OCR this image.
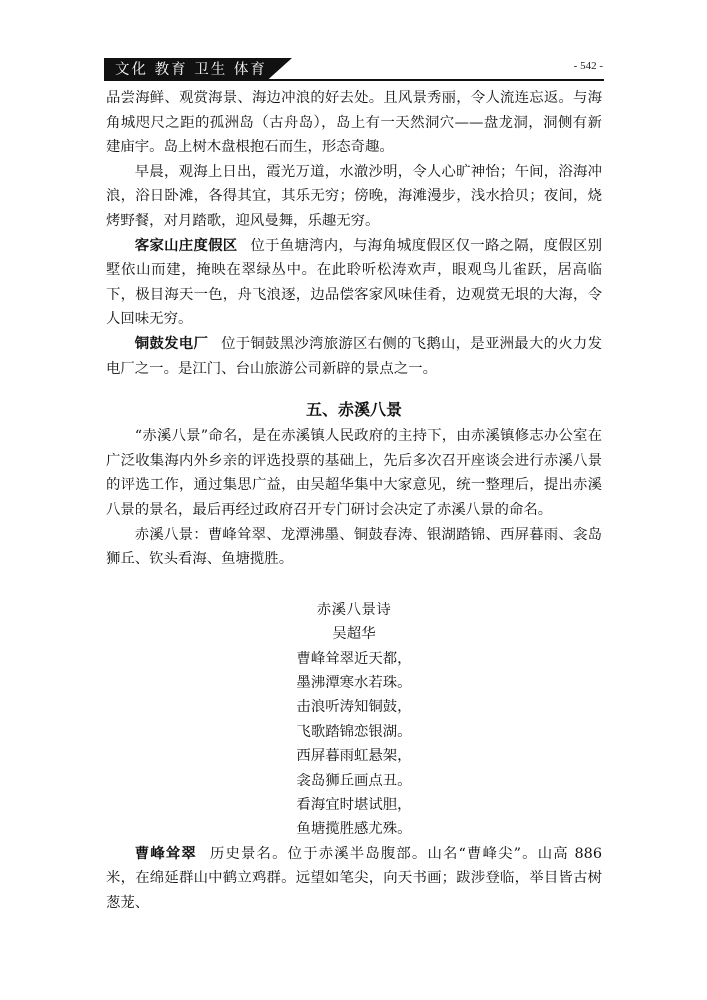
文化 教育 卫生 体育	- 542 -

品尝海鲜、观赏海景、海边冲浪的好去处。且风景秀丽，令人流连忘返。与海角城咫尺之距的孤洲岛（古舟岛），岛上有一天然洞穴——盘龙洞，洞侧有新建庙宇。岛上树木盘根抱石而生，形态奇趣。

早晨，观海上日出，霞光万道，水澈沙明，令人心旷神怡；午间，浴海冲浪，浴日卧滩，各得其宜，其乐无穷；傍晚，海滩漫步，浅水拾贝；夜间，烧烤野餐，对月踏歌，迎风曼舞，乐趣无穷。

客家山庄度假区 位于鱼塘湾内，与海角城度假区仅一路之隔，度假区别墅依山而建，掩映在翠绿丛中。在此聆听松涛欢声，眼观鸟儿雀跃，居高临下，极目海天一色，舟飞浪逐，边品偿客家风味佳肴，边观赏无垠的大海，令人回味无穷。

铜鼓发电厂 位于铜鼓黑沙湾旅游区右侧的飞鹅山，是亚洲最大的火力发电厂之一。是江门、台山旅游公司新辟的景点之一。

五、赤溪八景

“赤溪八景”命名，是在赤溪镇人民政府的主持下，由赤溪镇修志办公室在广泛收集海内外乡亲的评选投票的基础上，先后多次召开座谈会进行赤溪八景的评选工作，通过集思广益，由吴超华集中大家意见，统一整理后，提出赤溪八景的景名，最后再经过政府召开专门研讨会决定了赤溪八景的命名。

赤溪八景：曹峰耸翠、龙潭沸墨、铜鼓春涛、银湖踏锦、西屏暮雨、衾岛狮丘、钦头看海、鱼塘揽胜。

赤溪八景诗
吴超华
曹峰耸翠近天都，
墨沸潭寒水若珠。
击浪听涛知铜鼓，
飞歌踏锦恋银湖。
西屏暮雨虹悬架，
衾岛狮丘画点丑。
看海宜时堪试胆，
鱼塘揽胜感尤殊。

曹峰耸翠 历史景名。位于赤溪半岛腹部。山名“曹峰尖”。山高 886 米，在绵延群山中鹤立鸡群。远望如笔尖，向天书画；跋涉登临，举目皆古树葱茏、
